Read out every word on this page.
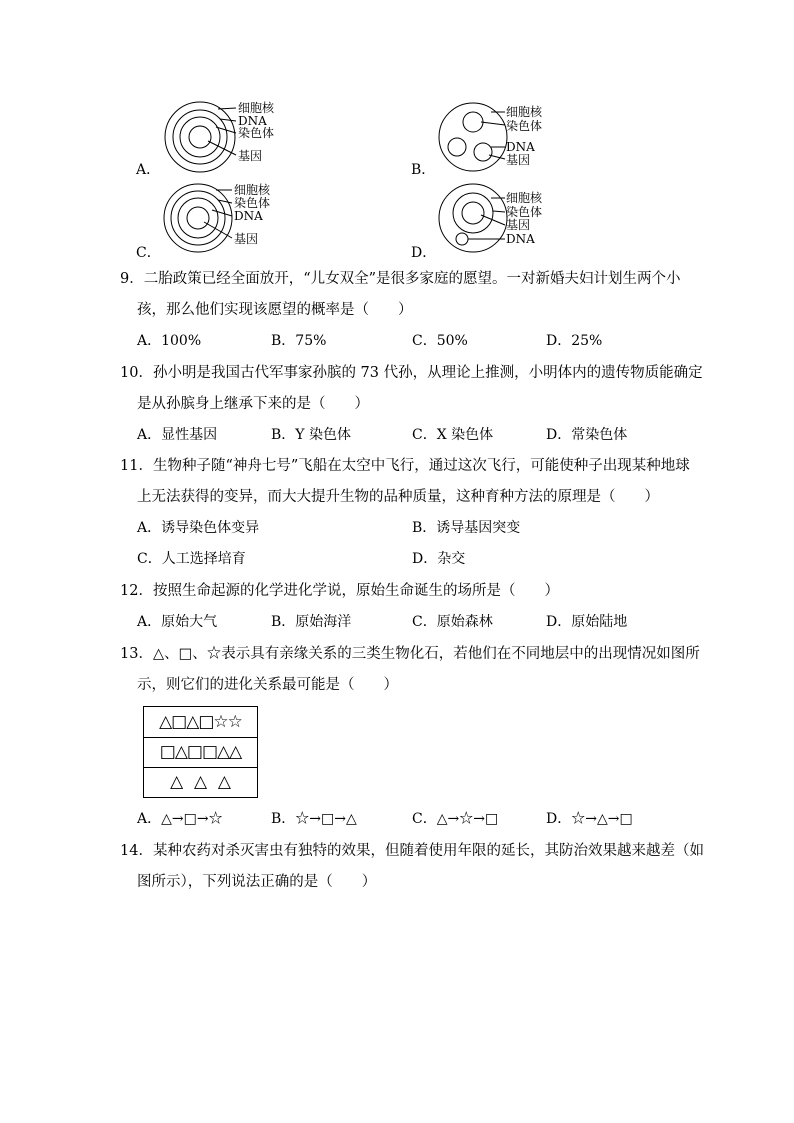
细胞核
DNA
染色体
基因
A．
细胞核
染色体
DNA
基因
B．
细胞核
染色体
DNA
基因
C．
细胞核
染色体
基因
DNA
D．
9．二胎政策已经全面放开，“儿女双全”是很多家庭的愿望。一对新婚夫妇计划生两个小
孩，那么他们实现该愿望的概率是（　　）
A．100%	B．75%	C．50%	D．25%
10．孙小明是我国古代军事家孙膑的 73 代孙，从理论上推测，小明体内的遗传物质能确定
是从孙膑身上继承下来的是（　　）
A．显性基因	B．Y 染色体	C．X 染色体	D．常染色体
11．生物种子随“神舟七号”飞船在太空中飞行，通过这次飞行，可能使种子出现某种地球
上无法获得的变异，而大大提升生物的品种质量，这种育种方法的原理是（　　）
A．诱导染色体变异	B．诱导基因突变
C．人工选择培育	D．杂交
12．按照生命起源的化学进化学说，原始生命诞生的场所是（　　）
A．原始大气	B．原始海洋	C．原始森林	D．原始陆地
13．△、□、☆表示具有亲缘关系的三类生物化石，若他们在不同地层中的出现情况如图所
示，则它们的进化关系最可能是（　　）
△□△□☆☆
□△□□△△
△  △  △
A．△→□→☆	B．☆→□→△	C．△→☆→□	D．☆→△→□
14．某种农药对杀灭害虫有独特的效果，但随着使用年限的延长，其防治效果越来越差（如
图所示），下列说法正确的是（　　）
